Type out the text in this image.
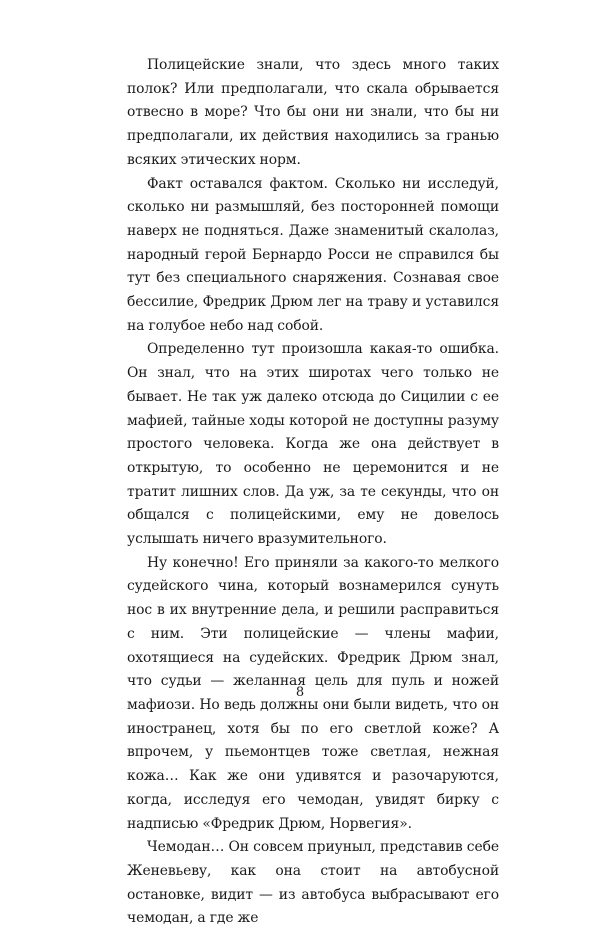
Полицейские знали, что здесь много таких полок? Или предполагали, что скала обрывается отвесно в море? Что бы они ни знали, что бы ни предполагали, их действия находились за гранью всяких этических норм.

Факт оставался фактом. Сколько ни исследуй, сколько ни размышляй, без посторонней помощи наверх не подняться. Даже знаменитый скалолаз, народный герой Бернардо Росси не справился бы тут без специального снаряжения. Сознавая свое бессилие, Фредрик Дрюм лег на траву и уставился на голубое небо над собой.

Определенно тут произошла какая-то ошибка. Он знал, что на этих широтах чего только не бывает. Не так уж далеко отсюда до Сицилии с ее мафией, тайные ходы которой не доступны разуму простого человека. Когда же она действует в открытую, то особенно не церемонится и не тратит лишних слов. Да уж, за те секунды, что он общался с полицейскими, ему не довелось услышать ничего вразумительного.

Ну конечно! Его приняли за какого-то мелкого судейского чина, который вознамерился сунуть нос в их внутренние дела, и решили расправиться с ним. Эти полицейские — члены мафии, охотящиеся на судейских. Фредрик Дрюм знал, что судьи — желанная цель для пуль и ножей мафиози. Но ведь должны они были видеть, что он иностранец, хотя бы по его светлой коже? А впрочем, у пьемонтцев тоже светлая, нежная кожа… Как же они удивятся и разочаруются, когда, исследуя его чемодан, увидят бирку с надписью «Фредрик Дрюм, Норвегия».

Чемодан… Он совсем приуныл, представив себе Женевьеву, как она стоит на автобусной остановке, видит — из автобуса выбрасывают его чемодан, а где же

8
